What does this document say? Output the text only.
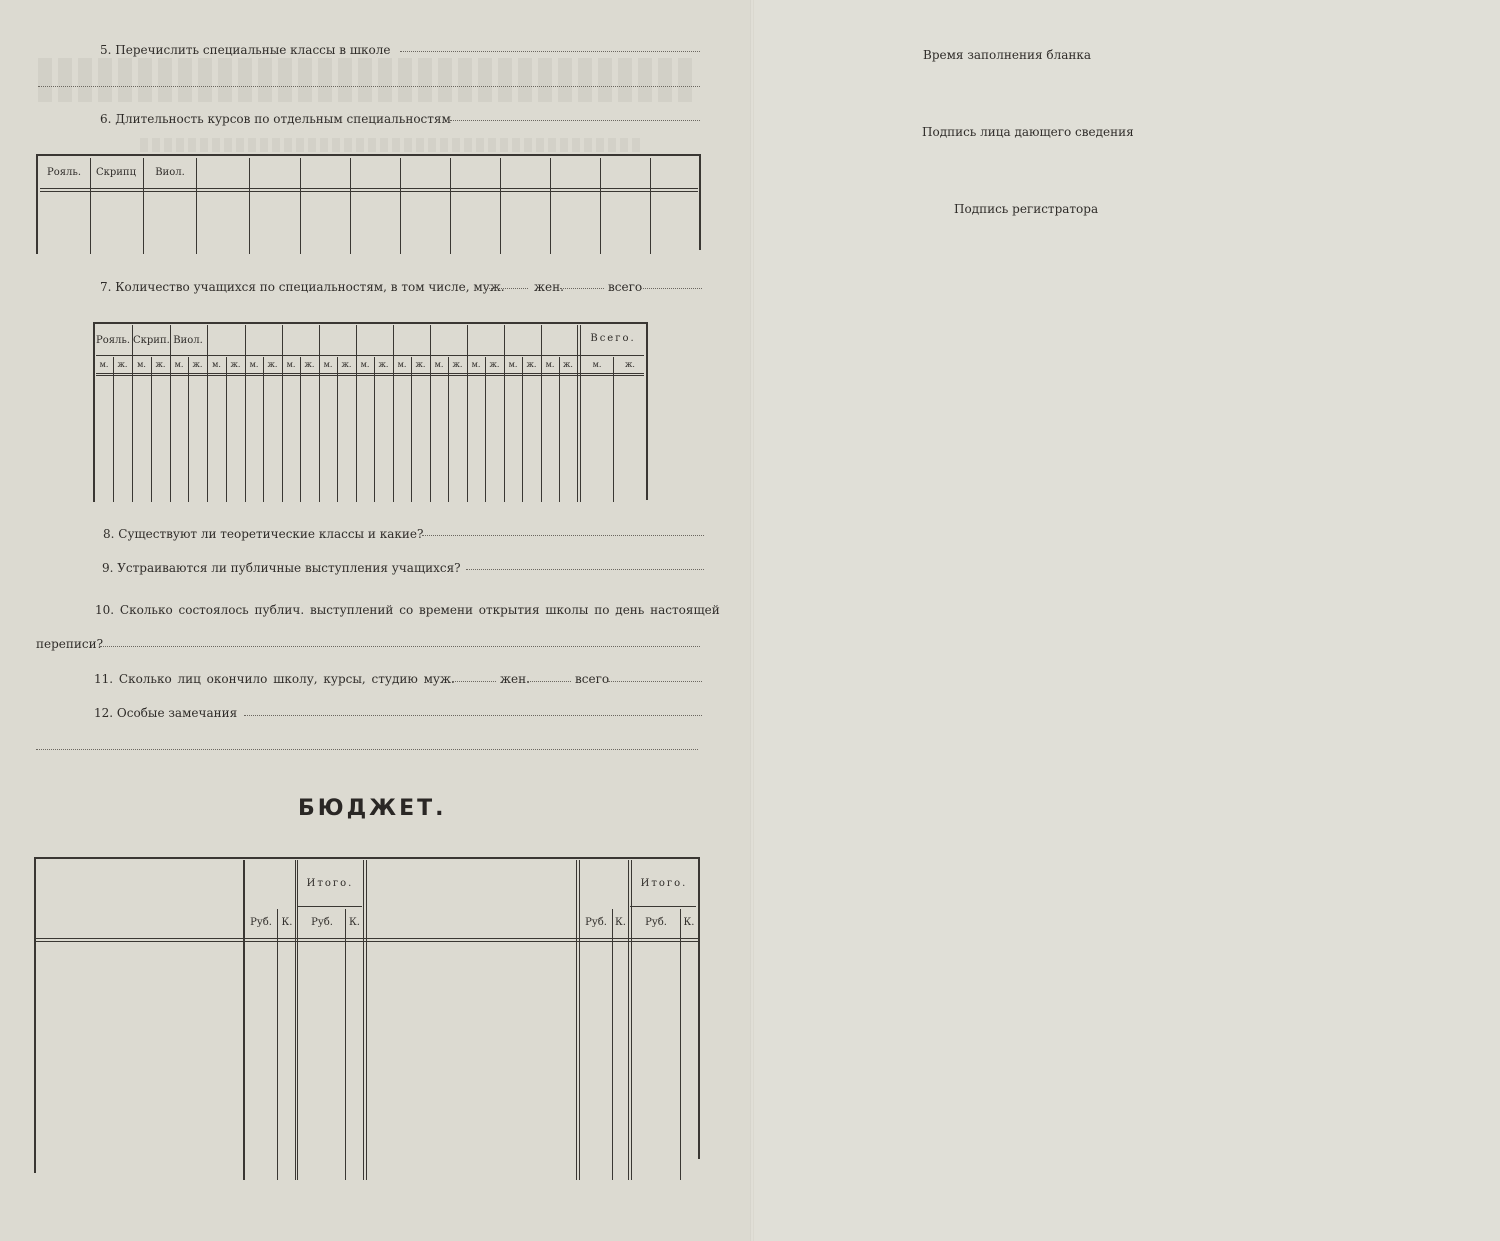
5. Перечислить специальные классы в школе
6. Длительность курсов по отдельным специальностям
Рояль.	Скрипц	Виол.
7. Количество учащихся по специальностям, в том числе, муж. жен.	всего
Рояль. Скрип. Виол.	Всего.
м.	ж.	м.	ж.	м.	ж.	м.	ж.	м.	ж.	м.	ж.	м.	ж.	м.	ж.	м.	ж.	м.	ж.	м.	ж.	м.	ж.	м.	ж.	м.	ж.
8. Существуют ли теоретические классы и какие?
9. Устраиваются ли публичные выступления учащихся?
10. Сколько состоялось публич. выступлений со времени открытия школы по день настоящей
переписи?
11. Сколько лиц окончило школу, курсы, студию муж.	жен.	всего
12. Особые замечания
БЮДЖЕТ.
Итого.	Итого.
Руб. К.	Руб.	К.	Руб. К.	Руб.	К.
Время заполнения бланка
Подпись лица дающего сведения
Подпись регистратора
